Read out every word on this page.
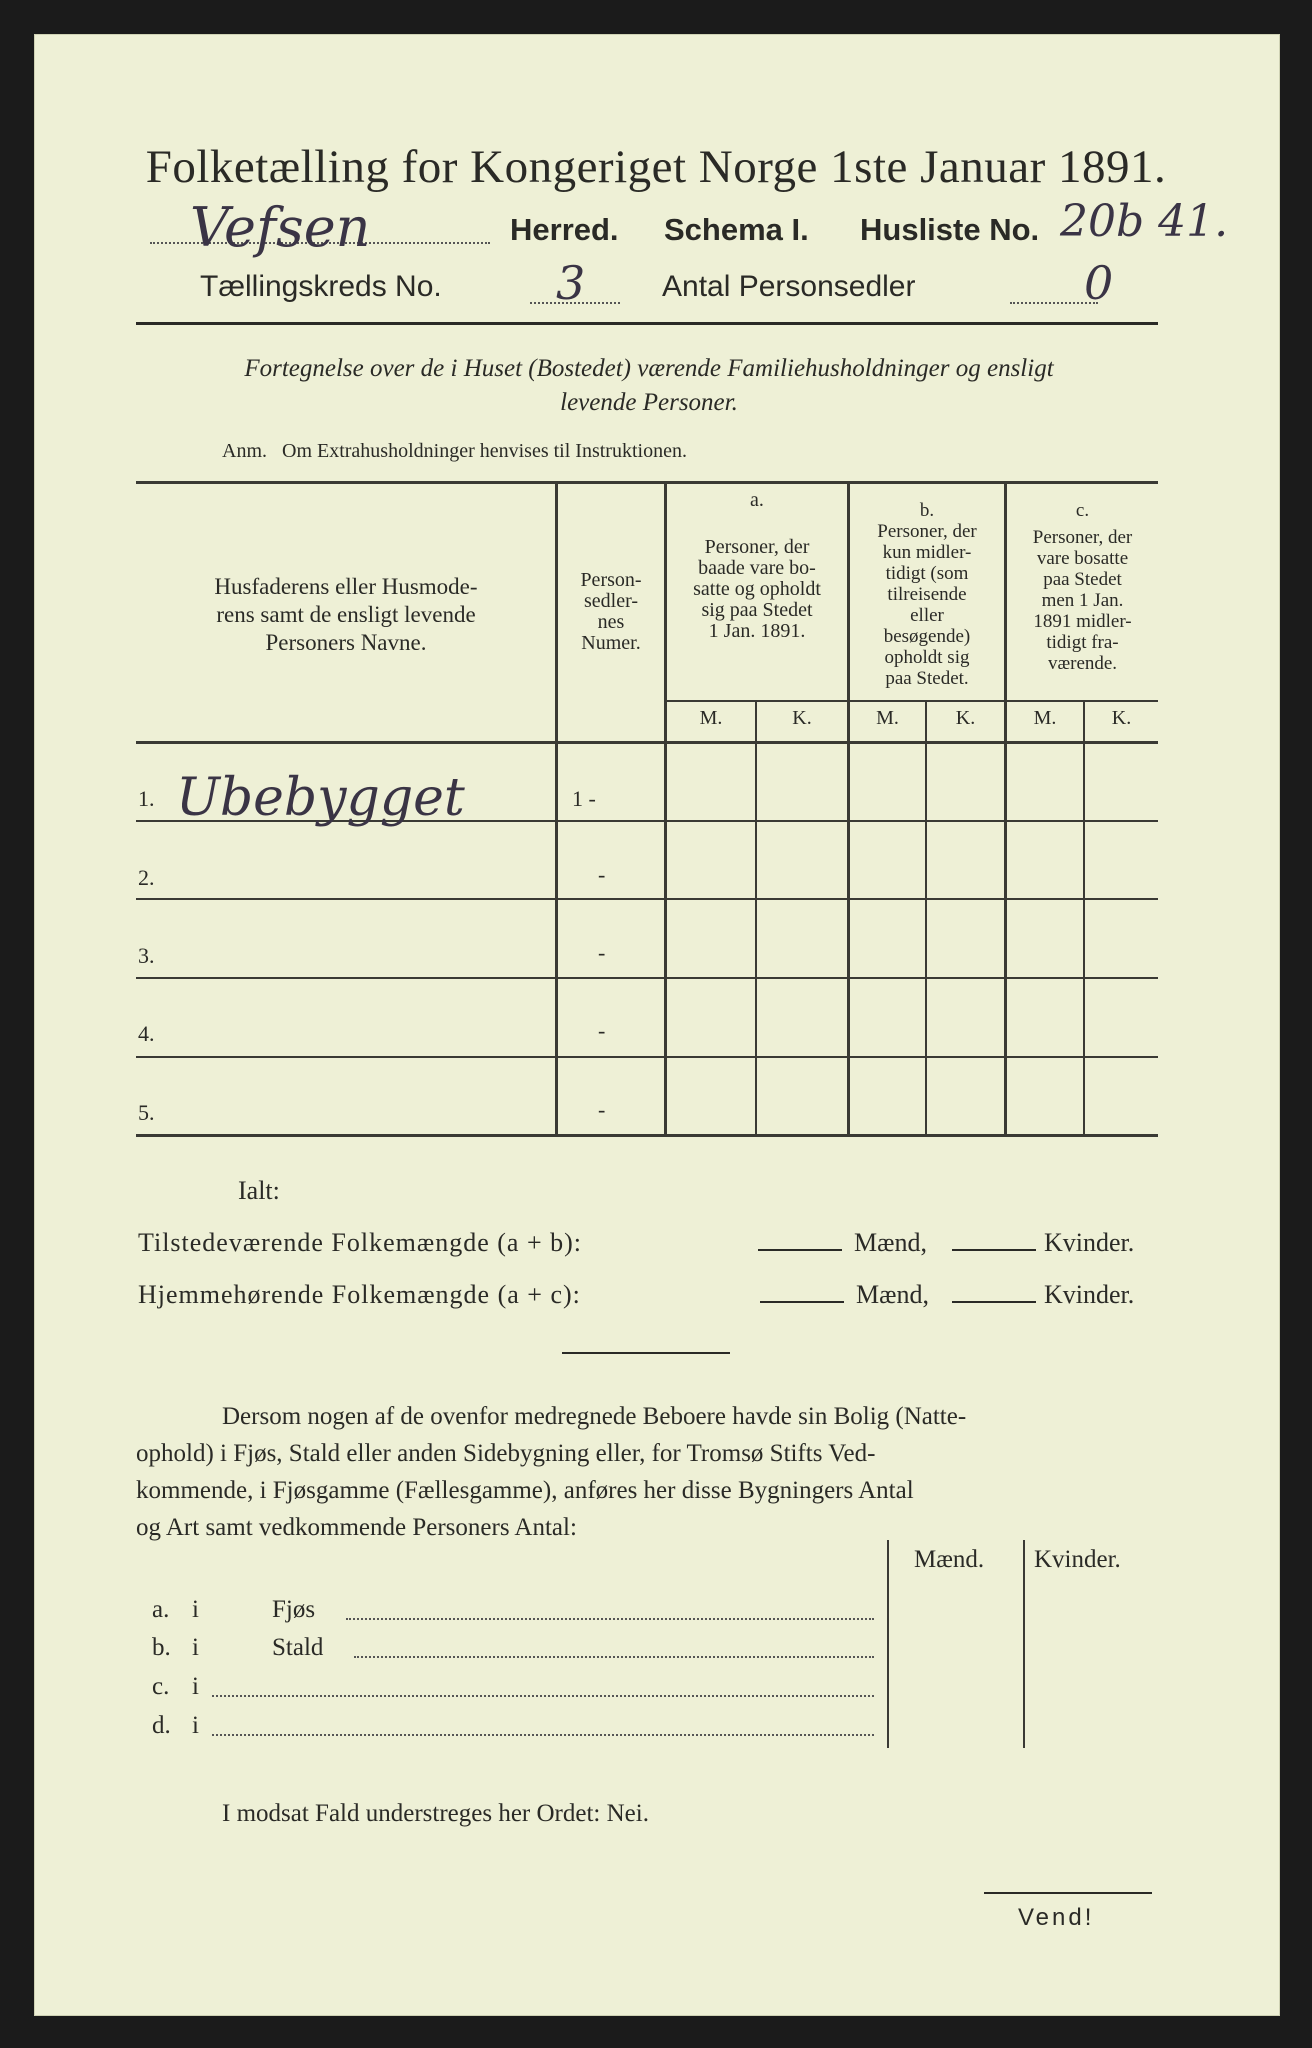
Folketælling for Kongeriget Norge 1ste Januar 1891.
Vefsen	Herred. Schema I. Husliste No. 20b 41.
Tællingskreds No. 3	Antal Personsedler	0
Fortegnelse over de i Huset (Bostedet) værende Familiehusholdninger og ensligt
levende Personer.
Anm.   Om Extrahusholdninger henvises til Instruktionen.
Husfaderens eller Husmode-
rens samt de ensligt levende
Personers Navne.
Person-
sedler-
nes
Numer.
a.
Personer, der
baade vare bo-
satte og opholdt
sig paa Stedet
1 Jan. 1891.
b.
Personer, der
kun midler-
tidigt (som
tilreisende
eller
besøgende)
opholdt sig
paa Stedet.
c.
Personer, der
vare bosatte
paa Stedet
men 1 Jan.
1891 midler-
tidigt fra-
værende.
M.	K.	M.	K.	M.	K.
1. Ubebygget	1 -
2.	-
3.	-
4.	-
5.	-
Ialt:
Tilstedeværende Folkemængde (a + b):	Mænd,	Kvinder.
Hjemmehørende Folkemængde (a + c):	Mænd,	Kvinder.
Dersom nogen af de ovenfor medregnede Beboere havde sin Bolig (Natte-
ophold) i Fjøs, Stald eller anden Sidebygning eller, for Tromsø Stifts Ved-
kommende, i Fjøsgamme (Fællesgamme), anføres her disse Bygningers Antal
og Art samt vedkommende Personers Antal:
Mænd. Kvinder.
a. i	Fjøs
b. i	Stald
c. i
d. i
I modsat Fald understreges her Ordet: Nei.
Vend!
